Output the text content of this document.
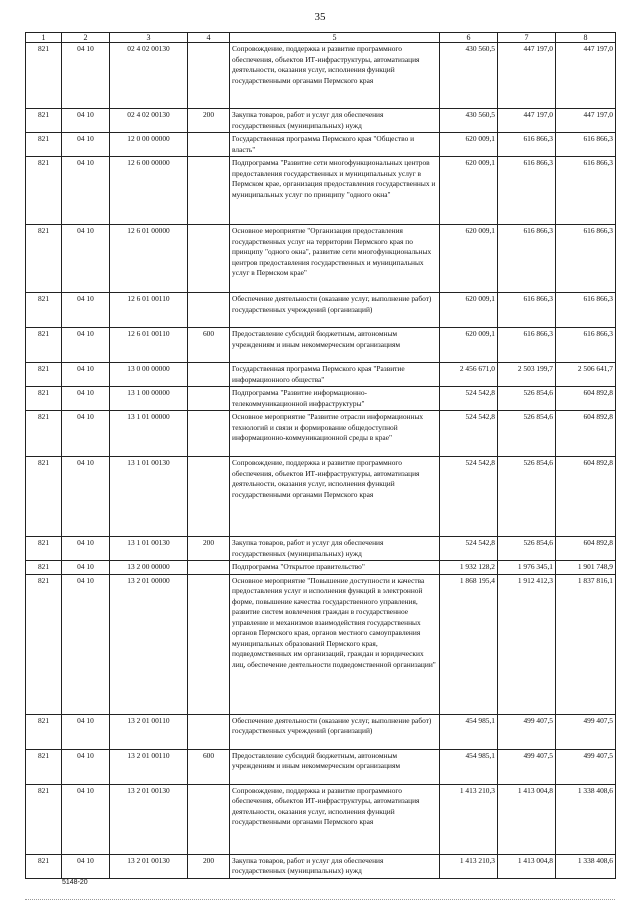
35
1	2	3	4	5	6	7	8
821	04 10	02 4 02 00130		Сопровождение, поддержка и развитие программного обеспечения, объектов ИТ-инфраструктуры, автоматизация деятельности, оказания услуг, исполнения функций государственными органами Пермского края	430 560,5	447 197,0	447 197,0
821	04 10	02 4 02 00130	200	Закупка товаров, работ и услуг для обеспечения государственных (муниципальных) нужд	430 560,5	447 197,0	447 197,0
821	04 10	12 0 00 00000		Государственная программа Пермского края "Общество и власть"	620 009,1	616 866,3	616 866,3
821	04 10	12 6 00 00000		Подпрограмма "Развитие сети многофункциональных центров предоставления государственных и муниципальных услуг в Пермском крае, организация предоставления государственных и муниципальных услуг по принципу "одного окна"	620 009,1	616 866,3	616 866,3
821	04 10	12 6 01 00000		Основное мероприятие "Организация предоставления государственных услуг на территории Пермского края по принципу "одного окна", развитие сети многофункциональных центров предоставления государственных и муниципальных услуг в Пермском крае"	620 009,1	616 866,3	616 866,3
821	04 10	12 6 01 00110		Обеспечение деятельности (оказание услуг, выполнение работ) государственных учреждений (организаций)	620 009,1	616 866,3	616 866,3
821	04 10	12 6 01 00110	600	Предоставление субсидий бюджетным, автономным учреждениям и иным некоммерческим организациям	620 009,1	616 866,3	616 866,3
821	04 10	13 0 00 00000		Государственная программа Пермского края "Развитие информационного общества"	2 456 671,0	2 503 199,7	2 506 641,7
821	04 10	13 1 00 00000		Подпрограмма "Развитие информационно-телекоммуникационной инфраструктуры"	524 542,8	526 854,6	604 892,8
821	04 10	13 1 01 00000		Основное мероприятие "Развитие отрасли информационных технологий и связи и формирование общедоступной информационно-коммуникационной среды в крае"	524 542,8	526 854,6	604 892,8
821	04 10	13 1 01 00130		Сопровождение, поддержка и развитие программного обеспечения, объектов ИТ-инфраструктуры, автоматизация деятельности, оказания услуг, исполнения функций государственными органами Пермского края	524 542,8	526 854,6	604 892,8
821	04 10	13 1 01 00130	200	Закупка товаров, работ и услуг для обеспечения государственных (муниципальных) нужд	524 542,8	526 854,6	604 892,8
821	04 10	13 2 00 00000		Подпрограмма "Открытое правительство"	1 932 128,2	1 976 345,1	1 901 748,9
821	04 10	13 2 01 00000		Основное мероприятие "Повышение доступности и качества предоставления услуг и исполнения функций в электронной форме, повышение качества государственного управления, развитие систем вовлечения граждан в государственное управление и механизмов взаимодействия государственных органов Пермского края, органов местного самоуправления муниципальных образований Пермского края, подведомственных им организаций, граждан и юридических лиц, обеспечение деятельности подведомственной организации"	1 868 195,4	1 912 412,3	1 837 816,1
821	04 10	13 2 01 00110		Обеспечение деятельности (оказание услуг, выполнение работ) государственных учреждений (организаций)	454 985,1	499 407,5	499 407,5
821	04 10	13 2 01 00110	600	Предоставление субсидий бюджетным, автономным учреждениям и иным некоммерческим организациям	454 985,1	499 407,5	499 407,5
821	04 10	13 2 01 00130		Сопровождение, поддержка и развитие программного обеспечения, объектов ИТ-инфраструктуры, автоматизация деятельности, оказания услуг, исполнения функций государственными органами Пермского края	1 413 210,3	1 413 004,8	1 338 408,6
821	04 10	13 2 01 00130	200	Закупка товаров, работ и услуг для обеспечения государственных (муниципальных) нужд	1 413 210,3	1 413 004,8	1 338 408,6
5148-20
